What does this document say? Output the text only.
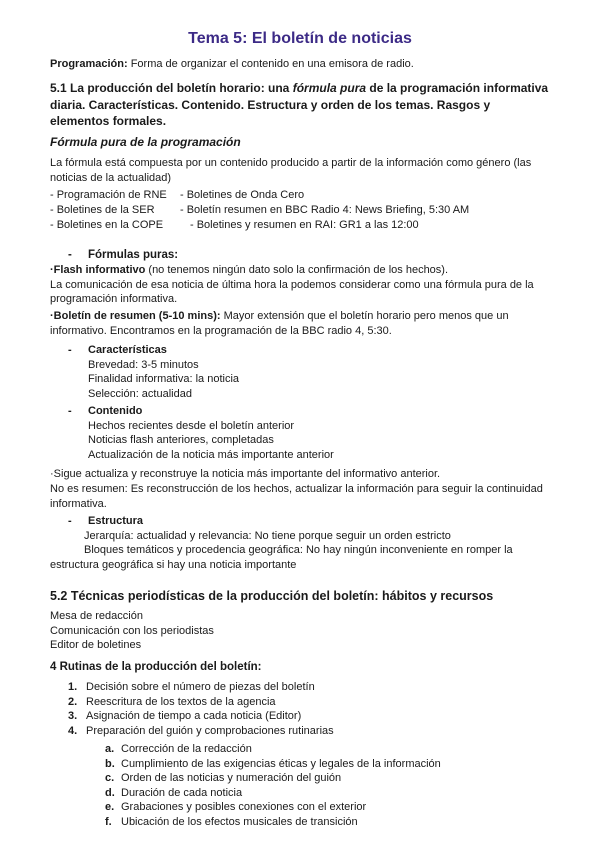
Tema 5: El boletín de noticias
Programación: Forma de organizar el contenido en una emisora de radio.
5.1 La producción del boletín horario: una fórmula pura de la programación informativa diaria. Características. Contenido. Estructura y orden de los temas. Rasgos y elementos formales.
Fórmula pura de la programación
La fórmula está compuesta por un contenido producido a partir de la información como género (las noticias de la actualidad)
- Programación de RNE - Boletines de Onda Cero
- Boletines de la SER - Boletín resumen en BBC Radio 4: News Briefing, 5:30 AM
- Boletines en la COPE - Boletines y resumen en RAI: GR1 a las 12:00
- Fórmulas puras:
·Flash informativo (no tenemos ningún dato solo la confirmación de los hechos).
La comunicación de esa noticia de última hora la podemos considerar como una fórmula pura de la programación informativa.
·Boletín de resumen (5-10 mins): Mayor extensión que el boletín horario pero menos que un informativo. Encontramos en la programación de la BBC radio 4, 5:30.
- Características
Brevedad: 3-5 minutos
Finalidad informativa: la noticia
Selección: actualidad
- Contenido
Hechos recientes desde el boletín anterior
Noticias flash anteriores, completadas
Actualización de la noticia más importante anterior
·Sigue actualiza y reconstruye la noticia más importante del informativo anterior.
No es resumen: Es reconstrucción de los hechos, actualizar la información para seguir la continuidad informativa.
- Estructura
Jerarquía: actualidad y relevancia: No tiene porque seguir un orden estricto
Bloques temáticos y procedencia geográfica: No hay ningún inconveniente en romper la
estructura geográfica si hay una noticia importante
5.2 Técnicas periodísticas de la producción del boletín: hábitos y recursos
Mesa de redacción
Comunicación con los periodistas
Editor de boletines
4 Rutinas de la producción del boletín:
1. Decisión sobre el número de piezas del boletín
2. Reescritura de los textos de la agencia
3. Asignación de tiempo a cada noticia (Editor)
4. Preparación del guión y comprobaciones rutinarias
a. Corrección de la redacción
b. Cumplimiento de las exigencias éticas y legales de la información
c. Orden de las noticias y numeración del guión
d. Duración de cada noticia
e. Grabaciones y posibles conexiones con el exterior
f. Ubicación de los efectos musicales de transición
